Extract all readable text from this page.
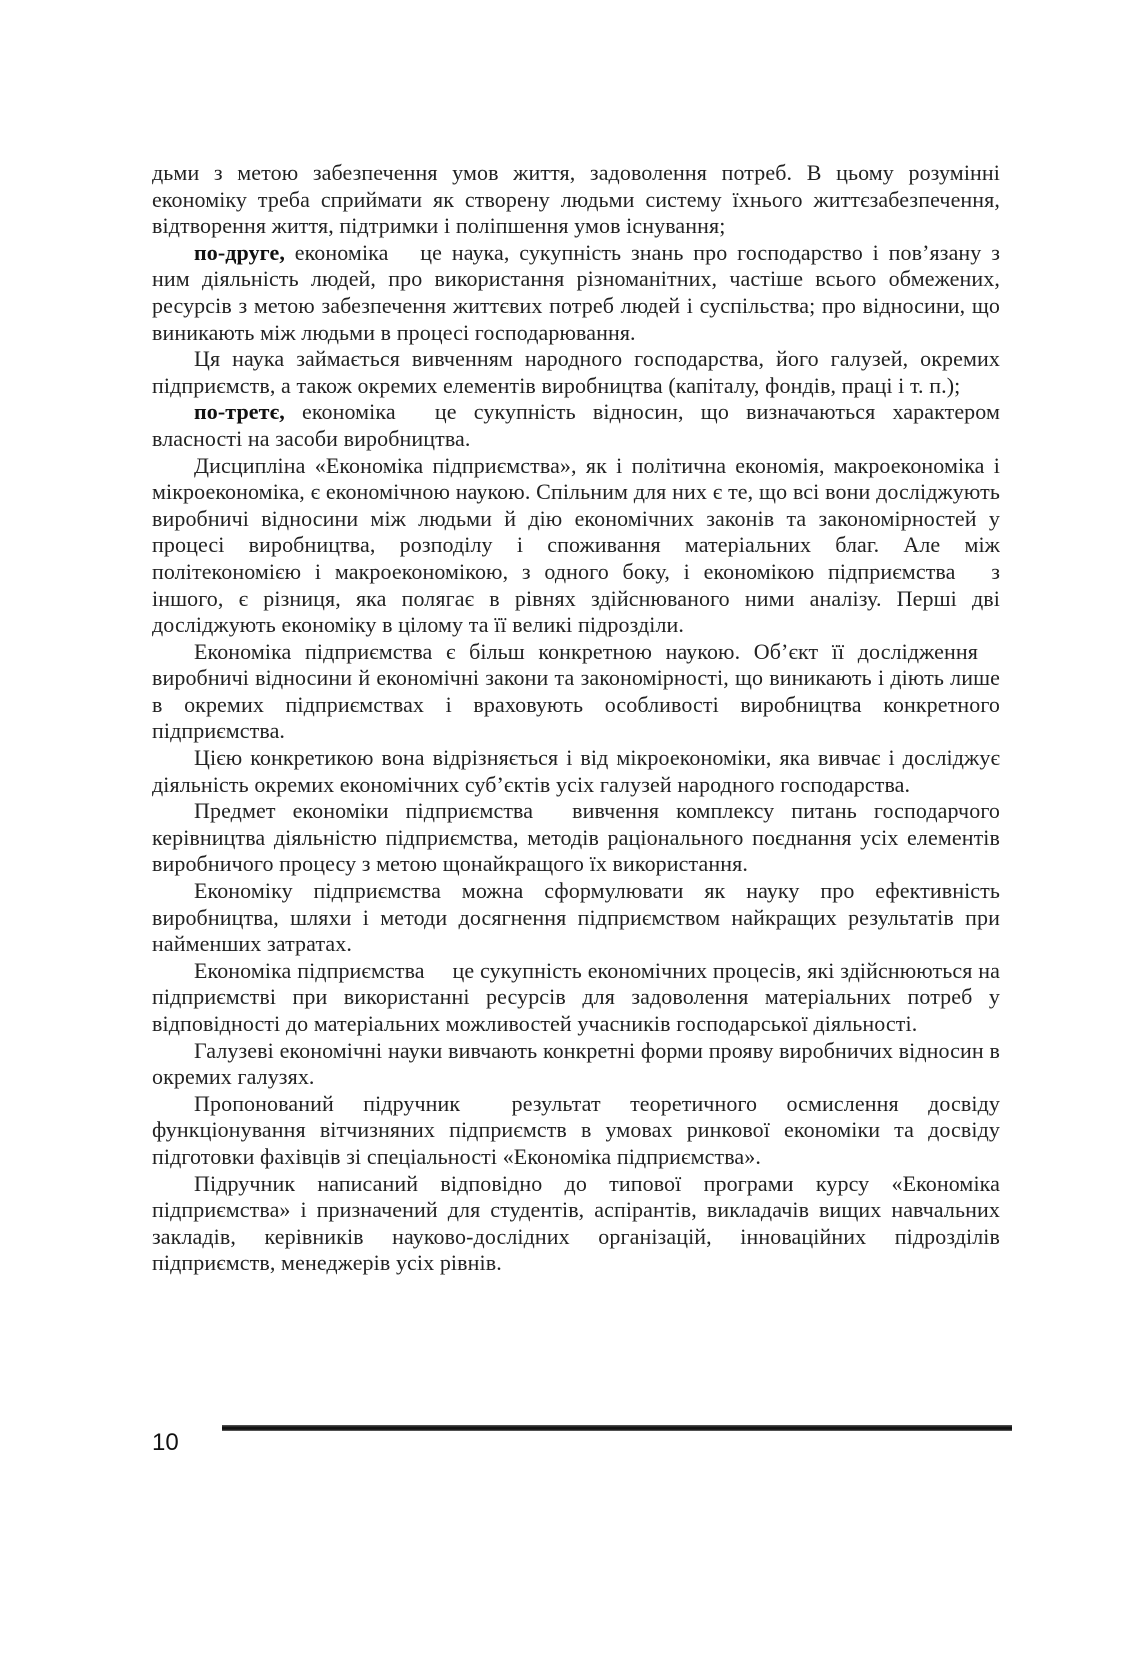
дьми з метою забезпечення умов життя, задоволення потреб. В цьому розумінні економіку треба сприймати як створену людьми систему їхнього життєзабезпечення, відтворення життя, підтримки і поліпшення умов існування;

по-друге, економіка це наука, сукупність знань про господарство і пов’язану з ним діяльність людей, про використання різноманітних, частіше всього обмежених, ресурсів з метою забезпечення життєвих потреб людей і суспільства; про відносини, що виникають між людьми в процесі господарювання.

Ця наука займається вивченням народного господарства, його галузей, окремих підприємств, а також окремих елементів виробництва (капіталу, фондів, праці і т. п.);

по-третє, економіка це сукупність відносин, що визначаються характером власності на засоби виробництва.

Дисципліна «Економіка підприємства», як і політична економія, макроекономіка і мікроекономіка, є економічною наукою. Спільним для них є те, що всі вони досліджують виробничі відносини між людьми й дію економічних законів та закономірностей у процесі виробництва, розподілу і споживання матеріальних благ. Але між політекономією і макроекономікою, з одного боку, і економікою підприємства з іншого, є різниця, яка полягає в рівнях здійснюваного ними аналізу. Перші дві досліджують економіку в цілому та її великі підрозділи.

Економіка підприємства є більш конкретною наукою. Об’єкт її дослідження виробничі відносини й економічні закони та закономірності, що виникають і діють лише в окремих підприємствах і враховують особливості виробництва конкретного підприємства.

Цією конкретикою вона відрізняється і від мікроекономіки, яка вивчає і досліджує діяльність окремих економічних суб’єктів усіх галузей народного господарства.

Предмет економіки підприємства вивчення комплексу питань господарчого керівництва діяльністю підприємства, методів раціонального поєднання усіх елементів виробничого процесу з метою щонайкращого їх використання.

Економіку підприємства можна сформулювати як науку про ефективність виробництва, шляхи і методи досягнення підприємством найкращих результатів при найменших затратах.

Економіка підприємства це сукупність економічних процесів, які здійснюються на підприємстві при використанні ресурсів для задоволення матеріальних потреб у відповідності до матеріальних можливостей учасників господарської діяльності.

Галузеві економічні науки вивчають конкретні форми прояву виробничих відносин в окремих галузях.

Пропонований підручник результат теоретичного осмислення досвіду функціонування вітчизняних підприємств в умовах ринкової економіки та досвіду підготовки фахівців зі спеціальності «Економіка підприємства».

Підручник написаний відповідно до типової програми курсу «Економіка підприємства» і призначений для студентів, аспірантів, викладачів вищих навчальних закладів, керівників науково-дослідних організацій, інноваційних підрозділів підприємств, менеджерів усіх рівнів.

10
